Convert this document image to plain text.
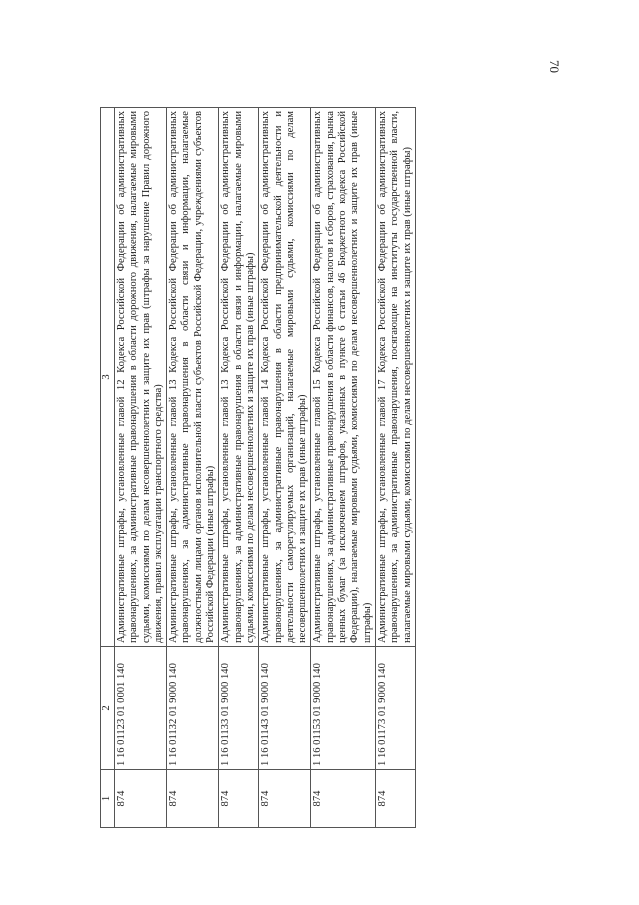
70
1	2	3
874	1 16 01123 01 0001 140	Административные штрафы, установленные главой 12 Кодекса Российской Федерации об административных правонарушениях, за административные правонарушения в области дорожного движения, налагаемые мировыми судьями, комиссиями по делам несовершеннолетних и защите их прав (штрафы за нарушение Правил дорожного движения, правил эксплуатации транспортного средства)
874	1 16 01132 01 9000 140	Административные штрафы, установленные главой 13 Кодекса Российской Федерации об административных правонарушениях, за административные правонарушения в области связи и информации, налагаемые должностными лицами органов исполнительной власти субъектов Российской Федерации, учреждениями субъектов Российской Федерации (иные штрафы)
874	1 16 01133 01 9000 140	Административные штрафы, установленные главой 13 Кодекса Российской Федерации об административных правонарушениях, за административные правонарушения в области связи и информации, налагаемые мировыми судьями, комиссиями по делам несовершеннолетних и защите их прав (иные штрафы)
874	1 16 01143 01 9000 140	Административные штрафы, установленные главой 14 Кодекса Российской Федерации об административных правонарушениях, за административные правонарушения в области предпринимательской деятельности и деятельности саморегулируемых организаций, налагаемые мировыми судьями, комиссиями по делам несовершеннолетних и защите их прав (иные штрафы)
874	1 16 01153 01 9000 140	Административные штрафы, установленные главой 15 Кодекса Российской Федерации об административных правонарушениях, за административные правонарушения в области финансов, налогов и сборов, страхования, рынка ценных бумаг (за исключением штрафов, указанных в пункте 6 статьи 46 Бюджетного кодекса Российской Федерации), налагаемые мировыми судьями, комиссиями по делам несовершеннолетних и защите их прав (иные штрафы)
874	1 16 01173 01 9000 140	Административные штрафы, установленные главой 17 Кодекса Российской Федерации об административных правонарушениях, за административные правонарушения, посягающие на институты государственной власти, налагаемые мировыми судьями, комиссиями по делам несовершеннолетних и защите их прав (иные штрафы)
